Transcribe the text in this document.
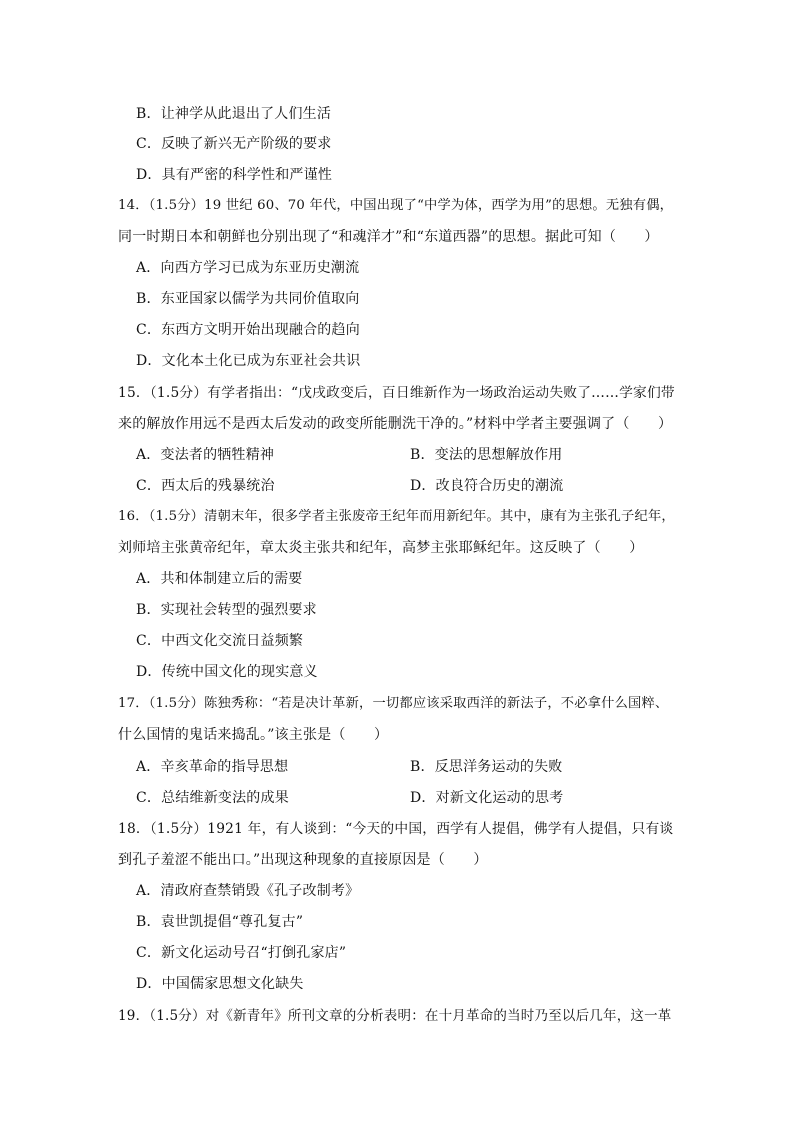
B．让神学从此退出了人们生活
C．反映了新兴无产阶级的要求
D．具有严密的科学性和严谨性
14．（1.5分）19 世纪 60、70 年代，中国出现了“中学为体，西学为用”的思想。无独有偶，
同一时期日本和朝鲜也分别出现了“和魂洋才”和“东道西器”的思想。据此可知（　　）
A．向西方学习已成为东亚历史潮流
B．东亚国家以儒学为共同价值取向
C．东西方文明开始出现融合的趋向
D．文化本土化已成为东亚社会共识
15．（1.5分）有学者指出：“戊戌政变后，百日维新作为一场政治运动失败了……学家们带
来的解放作用远不是西太后发动的政变所能删洗干净的。”材料中学者主要强调了（　　）
A．变法者的牺牲精神	B．变法的思想解放作用
C．西太后的残暴统治	D．改良符合历史的潮流
16．（1.5分）清朝末年，很多学者主张废帝王纪年而用新纪年。其中，康有为主张孔子纪年，
刘师培主张黄帝纪年，章太炎主张共和纪年，高梦主张耶稣纪年。这反映了（　　）
A．共和体制建立后的需要
B．实现社会转型的强烈要求
C．中西文化交流日益频繁
D．传统中国文化的现实意义
17．（1.5分）陈独秀称：“若是决计革新，一切都应该采取西洋的新法子，不必拿什么国粹、
什么国情的鬼话来捣乱。”该主张是（　　）
A．辛亥革命的指导思想	B．反思洋务运动的失败
C．总结维新变法的成果	D．对新文化运动的思考
18．（1.5分）1921 年，有人谈到：“今天的中国，西学有人提倡，佛学有人提倡，只有谈
到孔子羞涩不能出口。”出现这种现象的直接原因是（　　）
A．清政府查禁销毁《孔子改制考》
B．袁世凯提倡“尊孔复古”
C．新文化运动号召“打倒孔家店”
D．中国儒家思想文化缺失
19．（1.5分）对《新青年》所刊文章的分析表明：在十月革命的当时乃至以后几年，这一革
